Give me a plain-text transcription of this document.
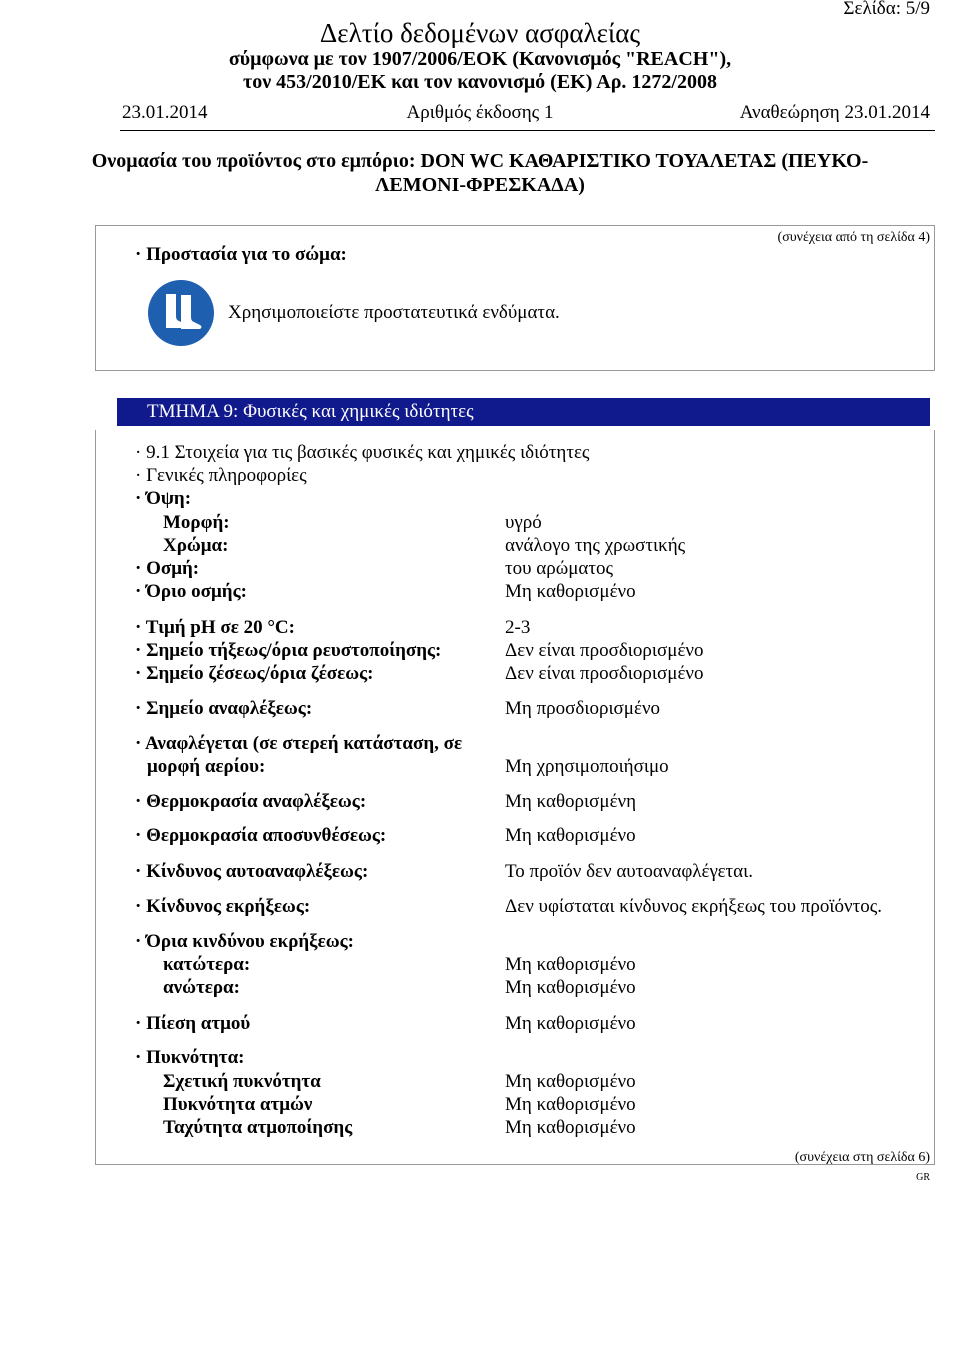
Σελίδα: 5/9
Δελτίο δεδομένων ασφαλείας
σύμφωνα με τον 1907/2006/ΕΟΚ (Κανονισμός "REACH"),
τον 453/2010/ΕΚ και τον κανονισμό (ΕΚ) Αρ. 1272/2008
23.01.2014	Αριθμός έκδοσης 1	Αναθεώρηση 23.01.2014
Ονομασία του προϊόντος στο εμπόριο: DON WC ΚΑΘΑΡΙΣΤΙΚΟ ΤΟΥΑΛΕΤΑΣ (ΠΕΥΚΟ-
ΛΕΜΟΝΙ-ΦΡΕΣΚΑΔΑ)
(συνέχεια από τη σελίδα 4)
· Προστασία για το σώμα:
Χρησιμοποιείστε προστατευτικά ενδύματα.
ΤΜΗΜΑ 9: Φυσικές και χημικές ιδιότητες
· 9.1 Στοιχεία για τις βασικές φυσικές και χημικές ιδιότητες
· Γενικές πληροφορίες
· Όψη:
Μορφή:	υγρό
Χρώμα:	ανάλογο της χρωστικής
· Οσμή:	του αρώματος
· Όριο οσμής:	Μη καθορισμένο
· Τιμή pH σε 20 °C:	2-3
· Σημείο τήξεως/όρια ρευστοποίησης:	Δεν είναι προσδιορισμένο
· Σημείο ζέσεως/όρια ζέσεως:	Δεν είναι προσδιορισμένο
· Σημείο αναφλέξεως:	Μη προσδιορισμένο
· Αναφλέγεται (σε στερεή κατάσταση, σε
μορφή αερίου:	Μη χρησιμοποιήσιμο
· Θερμοκρασία αναφλέξεως:	Μη καθορισμένη
· Θερμοκρασία αποσυνθέσεως:	Μη καθορισμένο
· Κίνδυνος αυτοαναφλέξεως:	Το προϊόν δεν αυτοαναφλέγεται.
· Κίνδυνος εκρήξεως:	Δεν υφίσταται κίνδυνος εκρήξεως του προϊόντος.
· Όρια κινδύνου εκρήξεως:
κατώτερα:	Μη καθορισμένο
ανώτερα:	Μη καθορισμένο
· Πίεση ατμού	Μη καθορισμένο
· Πυκνότητα:
Σχετική πυκνότητα	Μη καθορισμένο
Πυκνότητα ατμών	Μη καθορισμένο
Ταχύτητα ατμοποίησης	Μη καθορισμένο
(συνέχεια στη σελίδα 6)
GR
